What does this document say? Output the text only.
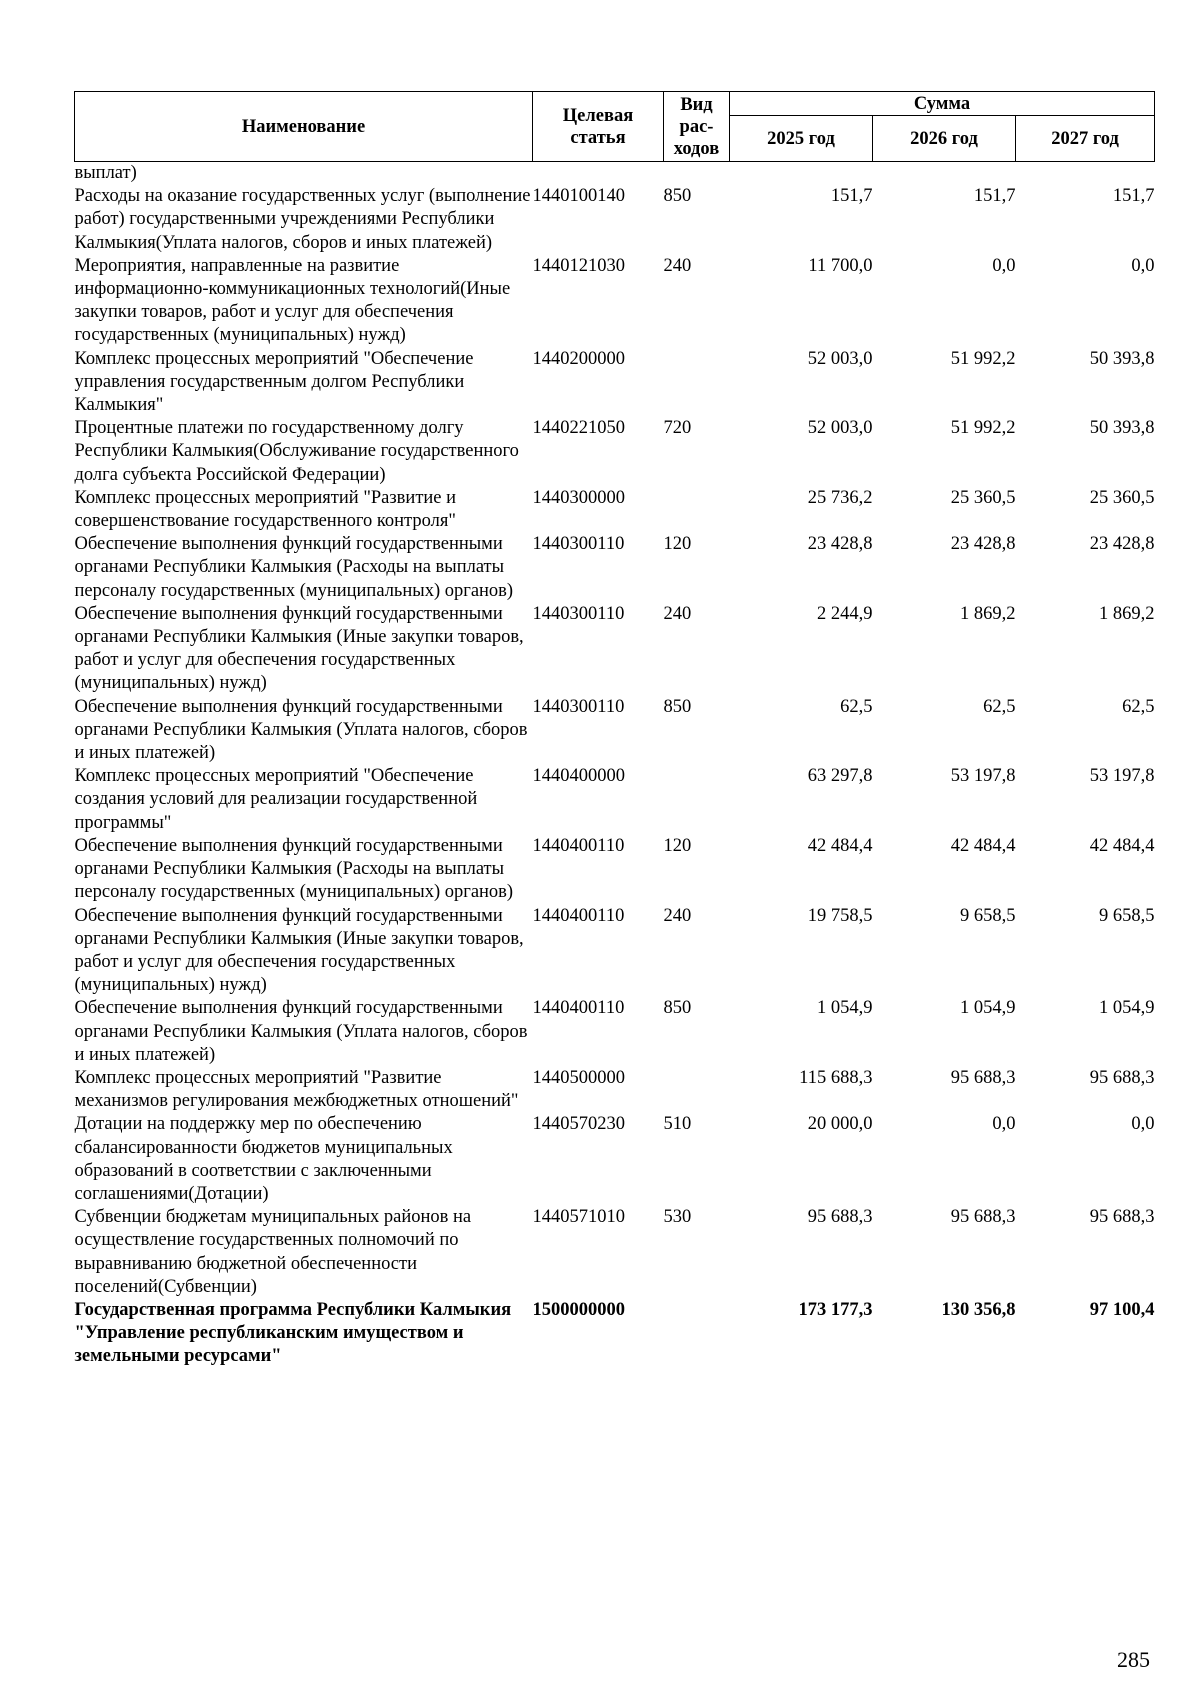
Наименование	Целевая статья	Вид рас-ходов	Сумма		
			2025 год	2026 год	2027 год
выплат)					
Расходы на оказание государственных услуг (выполнение работ) государственными учреждениями Республики Калмыкия(Уплата налогов, сборов и иных платежей)	1440100140	850	151,7	151,7	151,7
Мероприятия, направленные на развитие информационно-коммуникационных технологий(Иные закупки товаров, работ и услуг для обеспечения государственных (муниципальных) нужд)	1440121030	240	11 700,0	0,0	0,0
Комплекс процессных мероприятий "Обеспечение управления государственным долгом Республики Калмыкия"	1440200000		52 003,0	51 992,2	50 393,8
Процентные платежи по государственному долгу Республики Калмыкия(Обслуживание государственного долга субъекта Российской Федерации)	1440221050	720	52 003,0	51 992,2	50 393,8
Комплекс процессных мероприятий "Развитие и совершенствование государственного контроля"	1440300000		25 736,2	25 360,5	25 360,5
Обеспечение выполнения функций государственными органами Республики Калмыкия (Расходы на выплаты персоналу государственных (муниципальных) органов)	1440300110	120	23 428,8	23 428,8	23 428,8
Обеспечение выполнения функций государственными органами Республики Калмыкия (Иные закупки товаров, работ и услуг для обеспечения государственных (муниципальных) нужд)	1440300110	240	2 244,9	1 869,2	1 869,2
Обеспечение выполнения функций государственными органами Республики Калмыкия (Уплата налогов, сборов и иных платежей)	1440300110	850	62,5	62,5	62,5
Комплекс процессных мероприятий "Обеспечение создания условий для реализации государственной программы"	1440400000		63 297,8	53 197,8	53 197,8
Обеспечение выполнения функций государственными органами Республики Калмыкия (Расходы на выплаты персоналу государственных (муниципальных) органов)	1440400110	120	42 484,4	42 484,4	42 484,4
Обеспечение выполнения функций государственными органами Республики Калмыкия (Иные закупки товаров, работ и услуг для обеспечения государственных (муниципальных) нужд)	1440400110	240	19 758,5	9 658,5	9 658,5
Обеспечение выполнения функций государственными органами Республики Калмыкия (Уплата налогов, сборов и иных платежей)	1440400110	850	1 054,9	1 054,9	1 054,9
Комплекс процессных мероприятий "Развитие механизмов регулирования межбюджетных отношений"	1440500000		115 688,3	95 688,3	95 688,3
Дотации на поддержку мер по обеспечению сбалансированности бюджетов муниципальных образований в соответствии с заключенными соглашениями(Дотации)	1440570230	510	20 000,0	0,0	0,0
Субвенции бюджетам муниципальных районов на осуществление государственных полномочий по выравниванию бюджетной обеспеченности поселений(Субвенции)	1440571010	530	95 688,3	95 688,3	95 688,3
Государственная программа Республики Калмыкия "Управление республиканским имуществом и земельными ресурсами"	1500000000		173 177,3	130 356,8	97 100,4
285
